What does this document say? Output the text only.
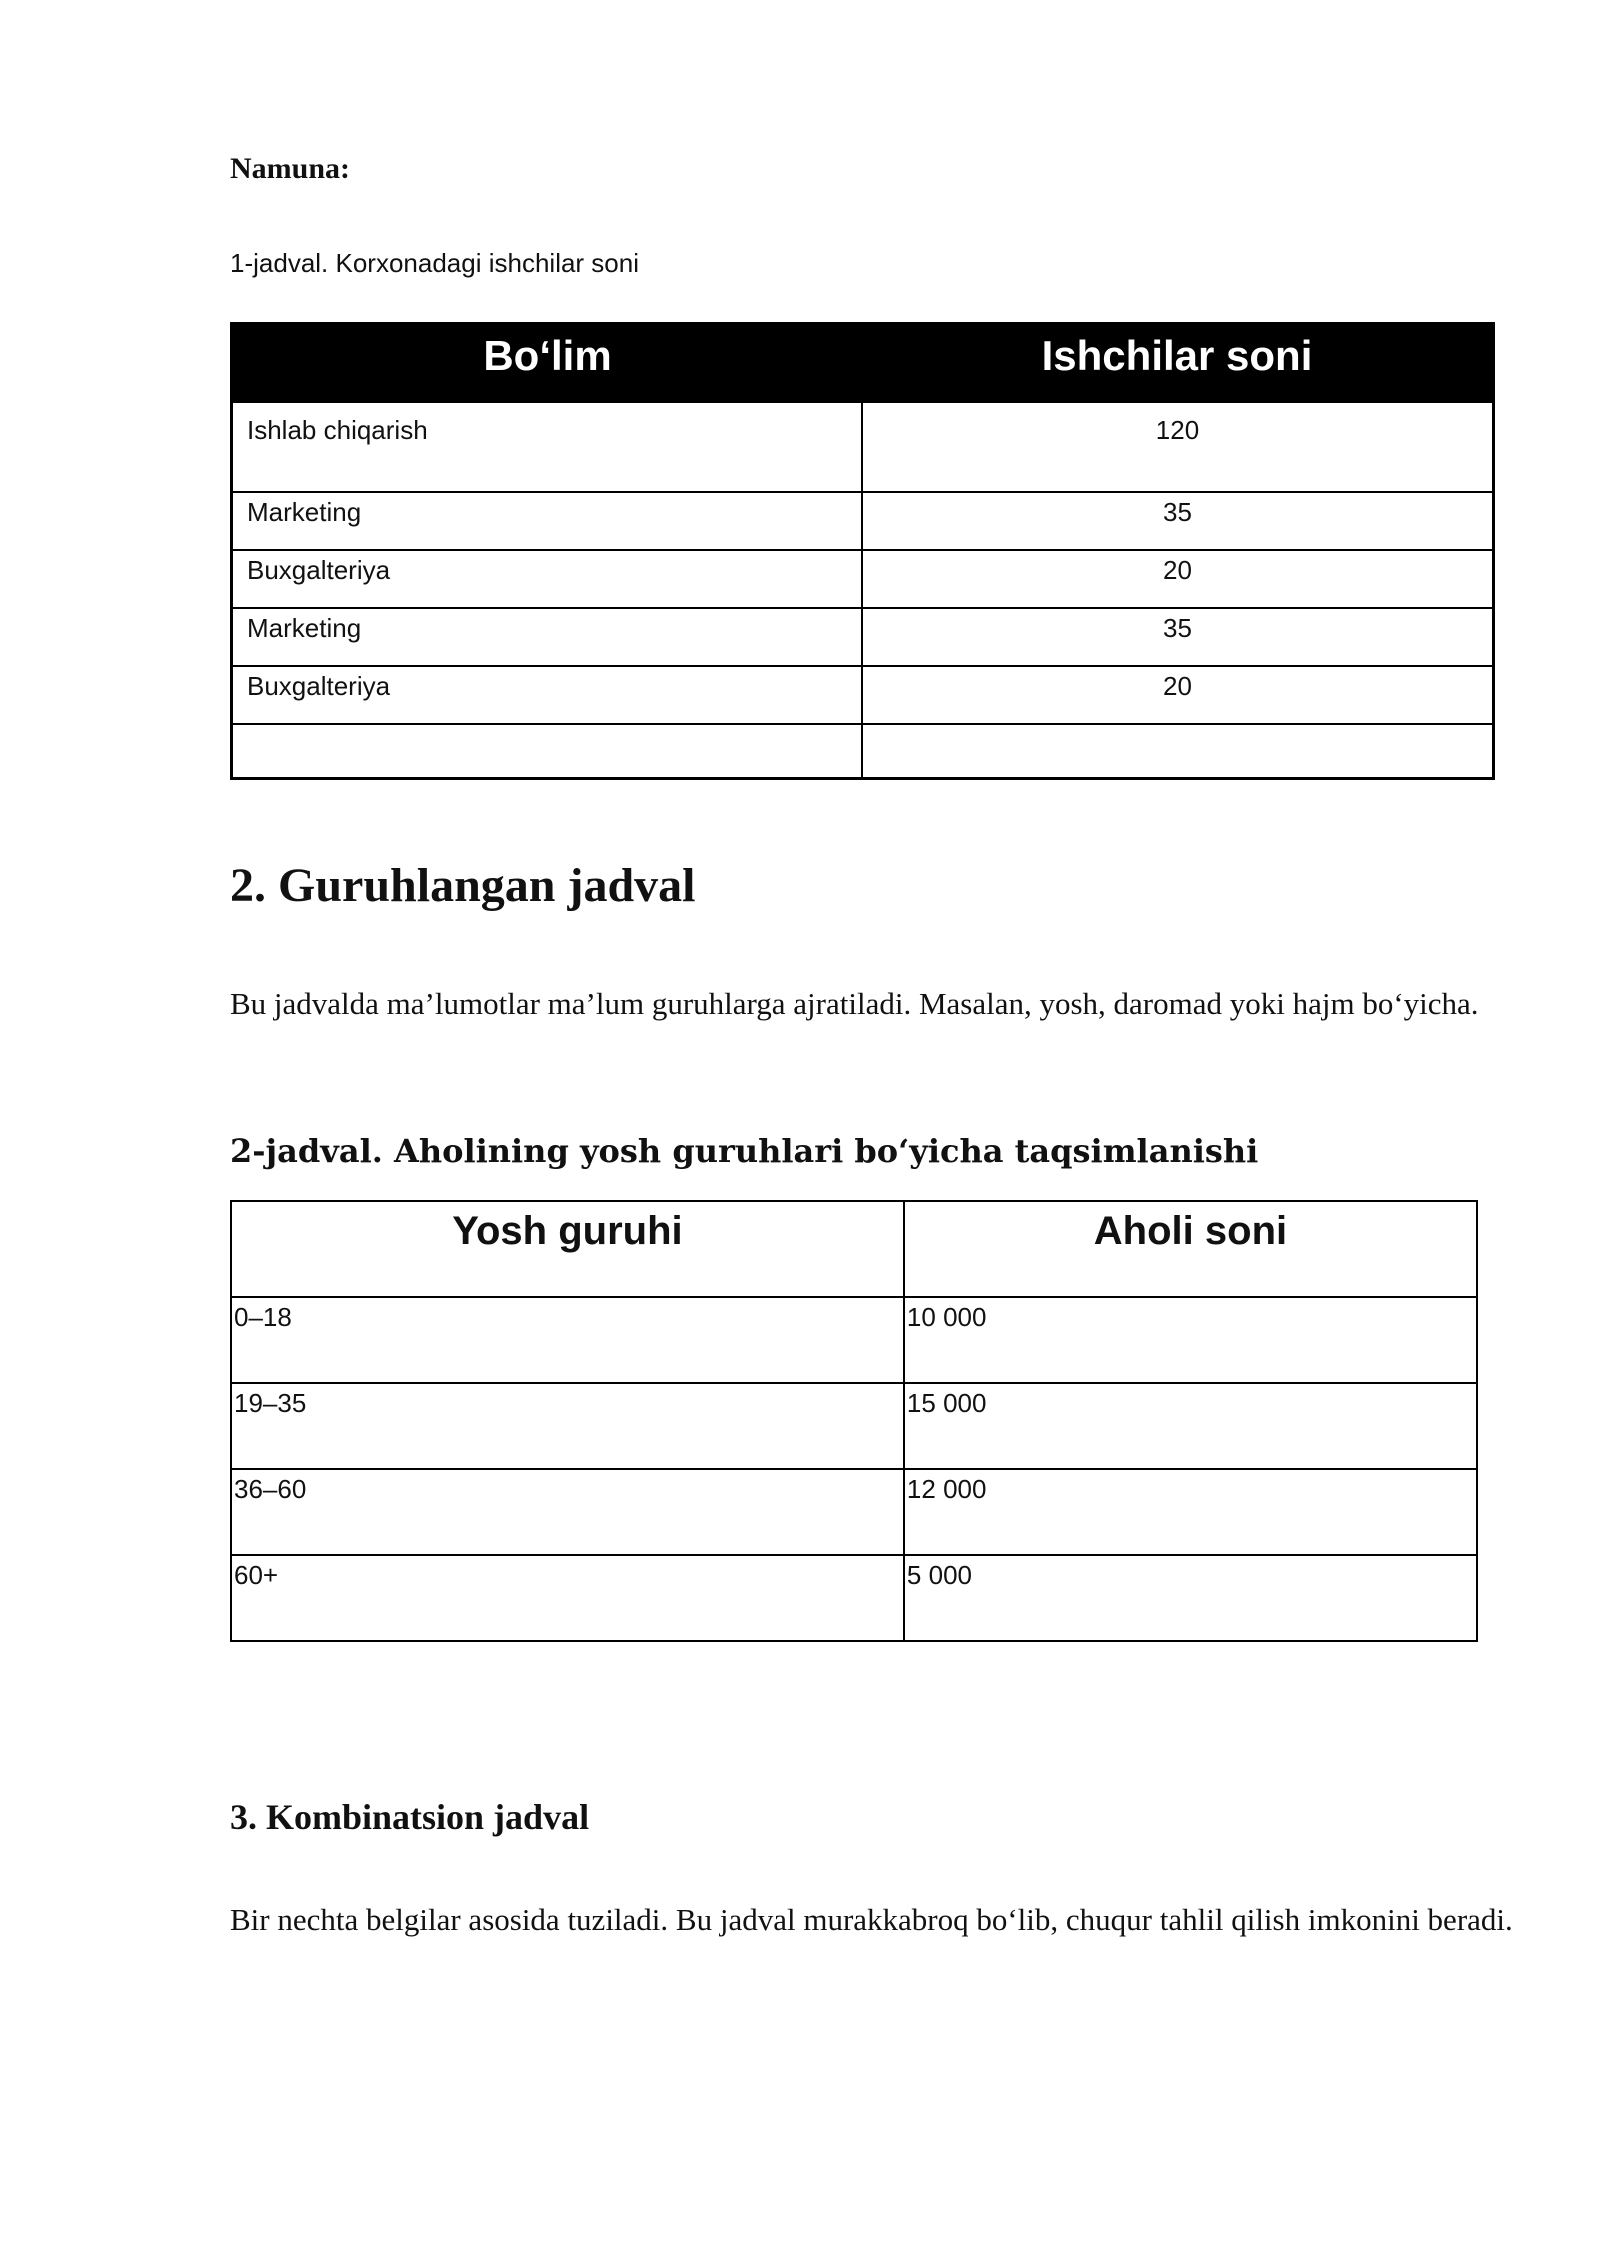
Namuna:
1-jadval. Korxonadagi ishchilar soni
Bo‘lim	Ishchilar soni
Ishlab chiqarish	120
Marketing	35
Buxgalteriya	20
Marketing	35
Buxgalteriya	20

2. Guruhlangan jadval
Bu jadvalda ma’lumotlar ma’lum guruhlarga ajratiladi. Masalan, yosh, daromad yoki hajm bo‘yicha.
2-jadval. Aholining yosh guruhlari bo‘yicha taqsimlanishi
Yosh guruhi	Aholi soni
0–18	10 000
19–35	15 000
36–60	12 000
60+	5 000
3. Kombinatsion jadval
Bir nechta belgilar asosida tuziladi. Bu jadval murakkabroq bo‘lib, chuqur tahlil qilish imkonini beradi.
